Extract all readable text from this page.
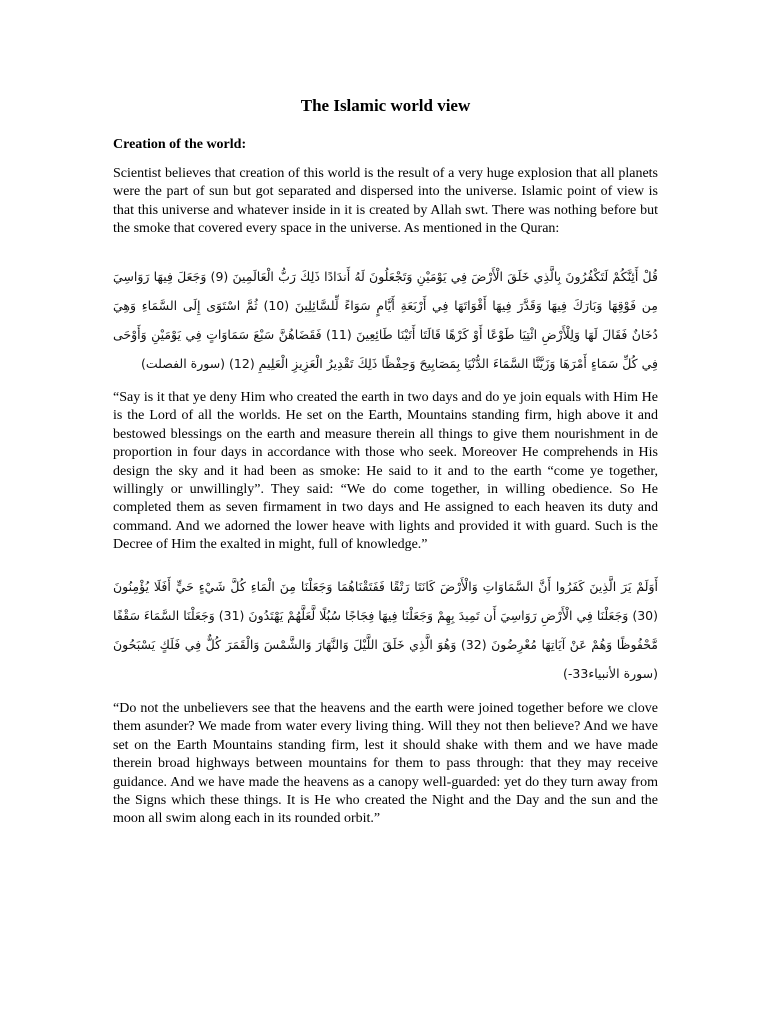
The Islamic world view
Creation of the world:

Scientist believes that creation of this world is the result of a very huge explosion that all planets were the part of sun but got separated and dispersed into the universe. Islamic point of view is that this universe and whatever inside in it is created by Allah swt. There was nothing before but the smoke that covered every space in the universe. As mentioned in the Quran:

قُلْ أَئِنَّكُمْ لَتَكْفُرُونَ بِالَّذِي خَلَقَ الْأَرْضَ فِي يَوْمَيْنِ وَتَجْعَلُونَ لَهُ أَندَادًا ذَلِكَ رَبُّ الْعَالَمِينَ (9) وَجَعَلَ فِيهَا رَوَاسِيَ مِن فَوْقِهَا وَبَارَكَ فِيهَا وَقَدَّرَ فِيهَا أَقْوَاتَهَا فِي أَرْبَعَةِ أَيَّامٍ سَوَاءً لِّلسَّائِلِينَ (10) ثُمَّ اسْتَوَى إِلَى السَّمَاءِ وَهِيَ دُخَانٌ فَقَالَ لَهَا وَلِلْأَرْضِ ائْتِيَا طَوْعًا أَوْ كَرْهًا قَالَتَا أَتَيْنَا طَائِعِينَ (11) فَقَضَاهُنَّ سَبْعَ سَمَاوَاتٍ فِي يَوْمَيْنِ وَأَوْحَى فِي كُلِّ سَمَاءٍ أَمْرَهَا وَزَيَّنَّا السَّمَاءَ الدُّنْيَا بِمَصَابِيحَ وَحِفْظًا ذَلِكَ تَقْدِيرُ الْعَزِيزِ الْعَلِيمِ (12) (سورة الفصلت)

“Say is it that ye deny Him who created the earth in two days and do ye join equals with Him He is the Lord of all the worlds. He set on the Earth, Mountains standing firm, high above it and bestowed blessings on the earth and measure therein all things to give them nourishment in de proportion in four days in accordance with those who seek. Moreover He comprehends in His design the sky and it had been as smoke: He said to it and to the earth “come ye together, willingly or unwillingly”. They said: “We do come together, in willing obedience. So He completed them as seven firmament in two days and He assigned to each heaven its duty and command. And we adorned the lower heave with lights and provided it with guard. Such is the Decree of Him the exalted in might, full of knowledge.”

أَوَلَمْ يَرَ الَّذِينَ كَفَرُوا أَنَّ السَّمَاوَاتِ وَالْأَرْضَ كَانَتَا رَتْقًا فَفَتَقْنَاهُمَا وَجَعَلْنَا مِنَ الْمَاءِ كُلَّ شَيْءٍ حَيٍّ أَفَلَا يُؤْمِنُونَ (30) وَجَعَلْنَا فِي الْأَرْضِ رَوَاسِيَ أَن تَمِيدَ بِهِمْ وَجَعَلْنَا فِيهَا فِجَاجًا سُبُلًا لَّعَلَّهُمْ يَهْتَدُونَ (31) وَجَعَلْنَا السَّمَاءَ سَقْفًا مَّحْفُوظًا وَهُمْ عَنْ آيَاتِهَا مُعْرِضُونَ (32) وَهُوَ الَّذِي خَلَقَ اللَّيْلَ وَالنَّهَارَ وَالشَّمْسَ وَالْقَمَرَ كُلٌّ فِي فَلَكٍ يَسْبَحُونَ (سورة الأنبياء33-)

“Do not the unbelievers see that the heavens and the earth were joined together before we clove them asunder? We made from water every living thing. Will they not then believe? And we have set on the Earth Mountains standing firm, lest it should shake with them and we have made therein broad highways between mountains for them to pass through: that they may receive guidance. And we have made the heavens as a canopy well-guarded: yet do they turn away from the Signs which these things. It is He who created the Night and the Day and the sun and the moon all swim along each in its rounded orbit.”
